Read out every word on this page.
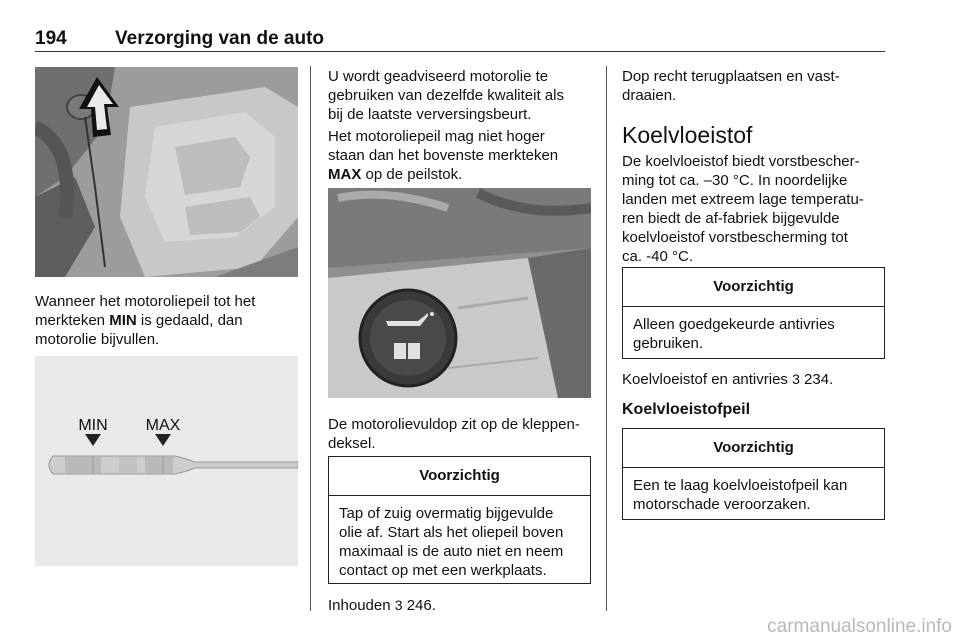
194	Verzorging van de auto

Wanneer het motoroliepeil tot het

merkteken MIN is gedaald, dan

motorolie bijvullen.

MIN MAX

U wordt geadviseerd motorolie te

gebruiken van dezelfde kwaliteit als

bij de laatste verversingsbeurt.

Het motoroliepeil mag niet hoger

staan dan het bovenste merkteken

MAX op de peilstok.

De motorolievuldop zit op de kleppen-

deksel.

Voorzichtig
Tap of zuig overmatig bijgevulde
olie af. Start als het oliepeil boven
maximaal is de auto niet en neem
contact op met een werkplaats.
Inhouden 3 246.

Dop recht terugplaatsen en vast-

draaien.

Koelvloeistof

De koelvloeistof biedt vorstbescher-

ming tot ca. –30 °C. In noordelijke

landen met extreem lage temperatu-

ren biedt de af-fabriek bijgevulde

koelvloeistof vorstbescherming tot

ca. -40 °C.

Voorzichtig
Alleen goedgekeurde antivries
gebruiken.
Koelvloeistof en antivries 3 234.
Koelvloeistofpeil
Voorzichtig
Een te laag koelvloeistofpeil kan
motorschade veroorzaken.
carmanualsonline.info
